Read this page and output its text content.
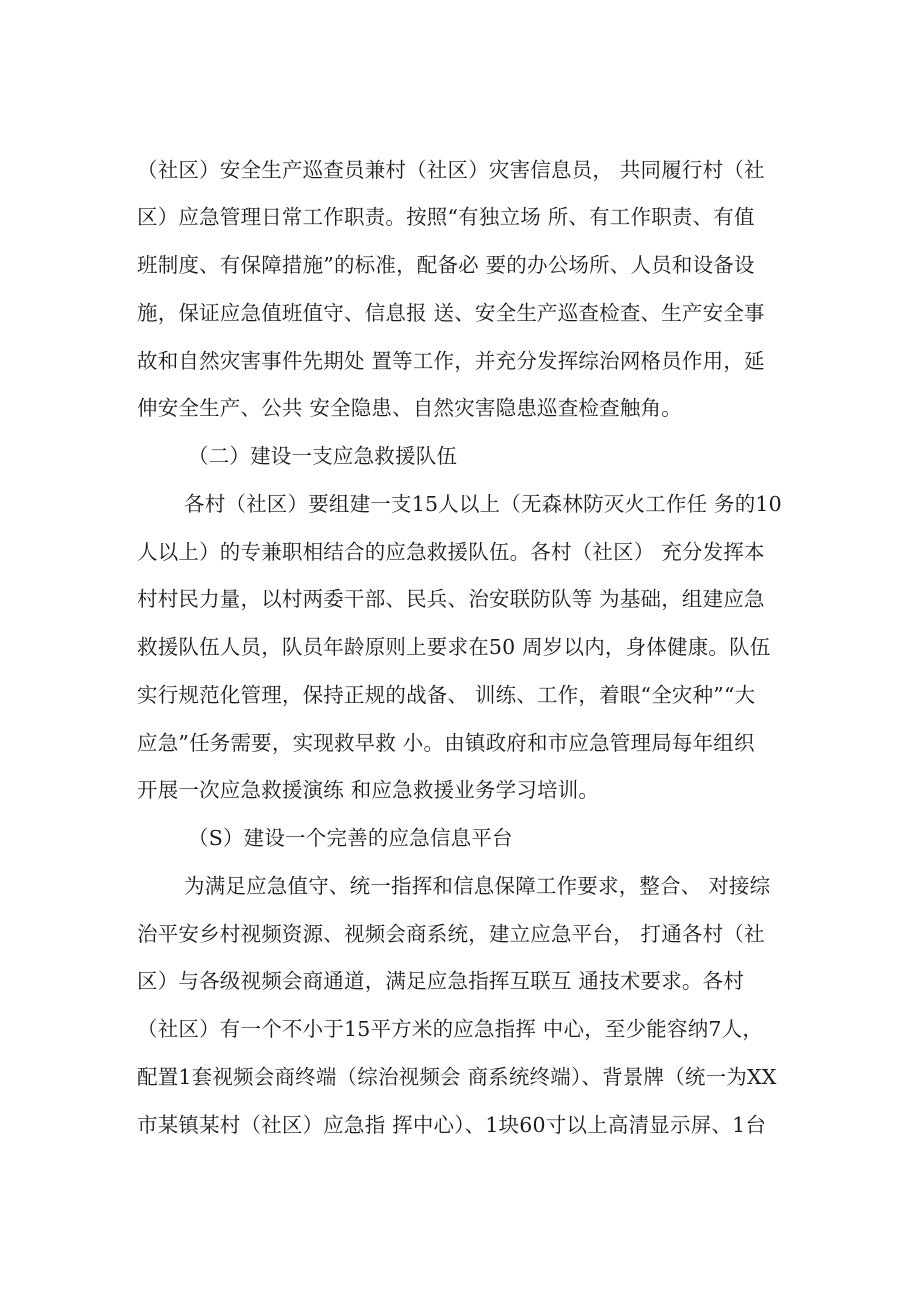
（社区）安全生产巡查员兼村（社区）灾害信息员， 共同履行村（社
区）应急管理日常工作职责。按照“有独立场 所、有工作职责、有值
班制度、有保障措施”的标准，配备必 要的办公场所、人员和设备设
施，保证应急值班值守、信息报 送、安全生产巡查检查、生产安全事
故和自然灾害事件先期处 置等工作，并充分发挥综治网格员作用，延
伸安全生产、公共 安全隐患、自然灾害隐患巡查检查触角。
（二）建设一支应急救援队伍
各村（社区）要组建一支15人以上（无森林防灭火工作任 务的10
人以上）的专兼职相结合的应急救援队伍。各村（社区） 充分发挥本
村村民力量，以村两委干部、民兵、治安联防队等 为基础，组建应急
救援队伍人员，队员年龄原则上要求在50 周岁以内，身体健康。队伍
实行规范化管理，保持正规的战备、 训练、工作，着眼“全灾种”“大
应急”任务需要，实现救早救 小。由镇政府和市应急管理局每年组织
开展一次应急救援演练 和应急救援业务学习培训。
（S）建设一个完善的应急信息平台
为满足应急值守、统一指挥和信息保障工作要求，整合、 对接综
治平安乡村视频资源、视频会商系统，建立应急平台， 打通各村（社
区）与各级视频会商通道，满足应急指挥互联互 通技术要求。各村
（社区）有一个不小于15平方米的应急指挥 中心，至少能容纳7人，
配置1套视频会商终端（综治视频会 商系统终端）、背景牌（统一为XX
市某镇某村（社区）应急指 挥中心）、1块60寸以上高清显示屏、1台
